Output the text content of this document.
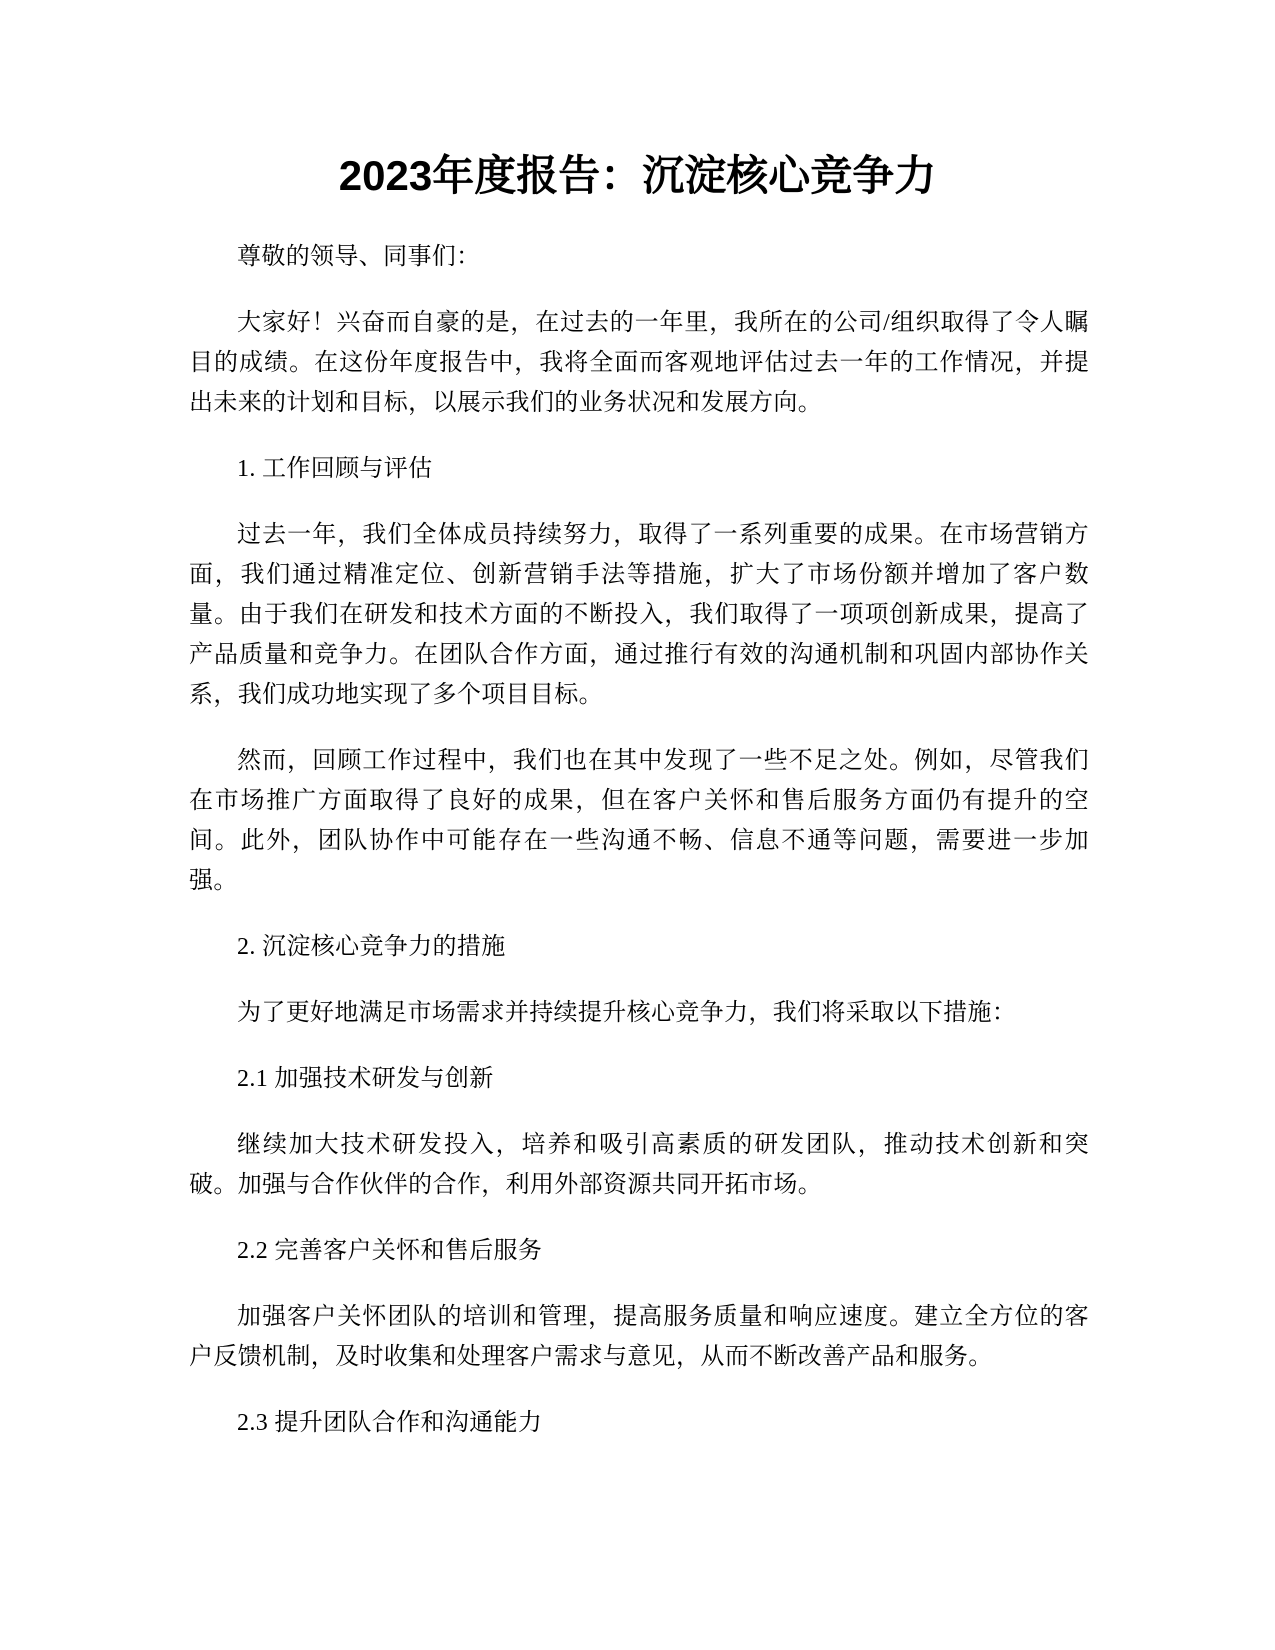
2023年度报告：沉淀核心竞争力

尊敬的领导、同事们：

大家好！兴奋而自豪的是，在过去的一年里，我所在的公司/组织取得了令人瞩目的成绩。在这份年度报告中，我将全面而客观地评估过去一年的工作情况，并提出未来的计划和目标，以展示我们的业务状况和发展方向。

1. 工作回顾与评估

过去一年，我们全体成员持续努力，取得了一系列重要的成果。在市场营销方面，我们通过精准定位、创新营销手法等措施，扩大了市场份额并增加了客户数量。由于我们在研发和技术方面的不断投入，我们取得了一项项创新成果，提高了产品质量和竞争力。在团队合作方面，通过推行有效的沟通机制和巩固内部协作关系，我们成功地实现了多个项目目标。

然而，回顾工作过程中，我们也在其中发现了一些不足之处。例如，尽管我们在市场推广方面取得了良好的成果，但在客户关怀和售后服务方面仍有提升的空间。此外，团队协作中可能存在一些沟通不畅、信息不通等问题，需要进一步加强。

2. 沉淀核心竞争力的措施

为了更好地满足市场需求并持续提升核心竞争力，我们将采取以下措施：

2.1 加强技术研发与创新

继续加大技术研发投入，培养和吸引高素质的研发团队，推动技术创新和突破。加强与合作伙伴的合作，利用外部资源共同开拓市场。

2.2 完善客户关怀和售后服务

加强客户关怀团队的培训和管理，提高服务质量和响应速度。建立全方位的客户反馈机制，及时收集和处理客户需求与意见，从而不断改善产品和服务。

2.3 提升团队合作和沟通能力
